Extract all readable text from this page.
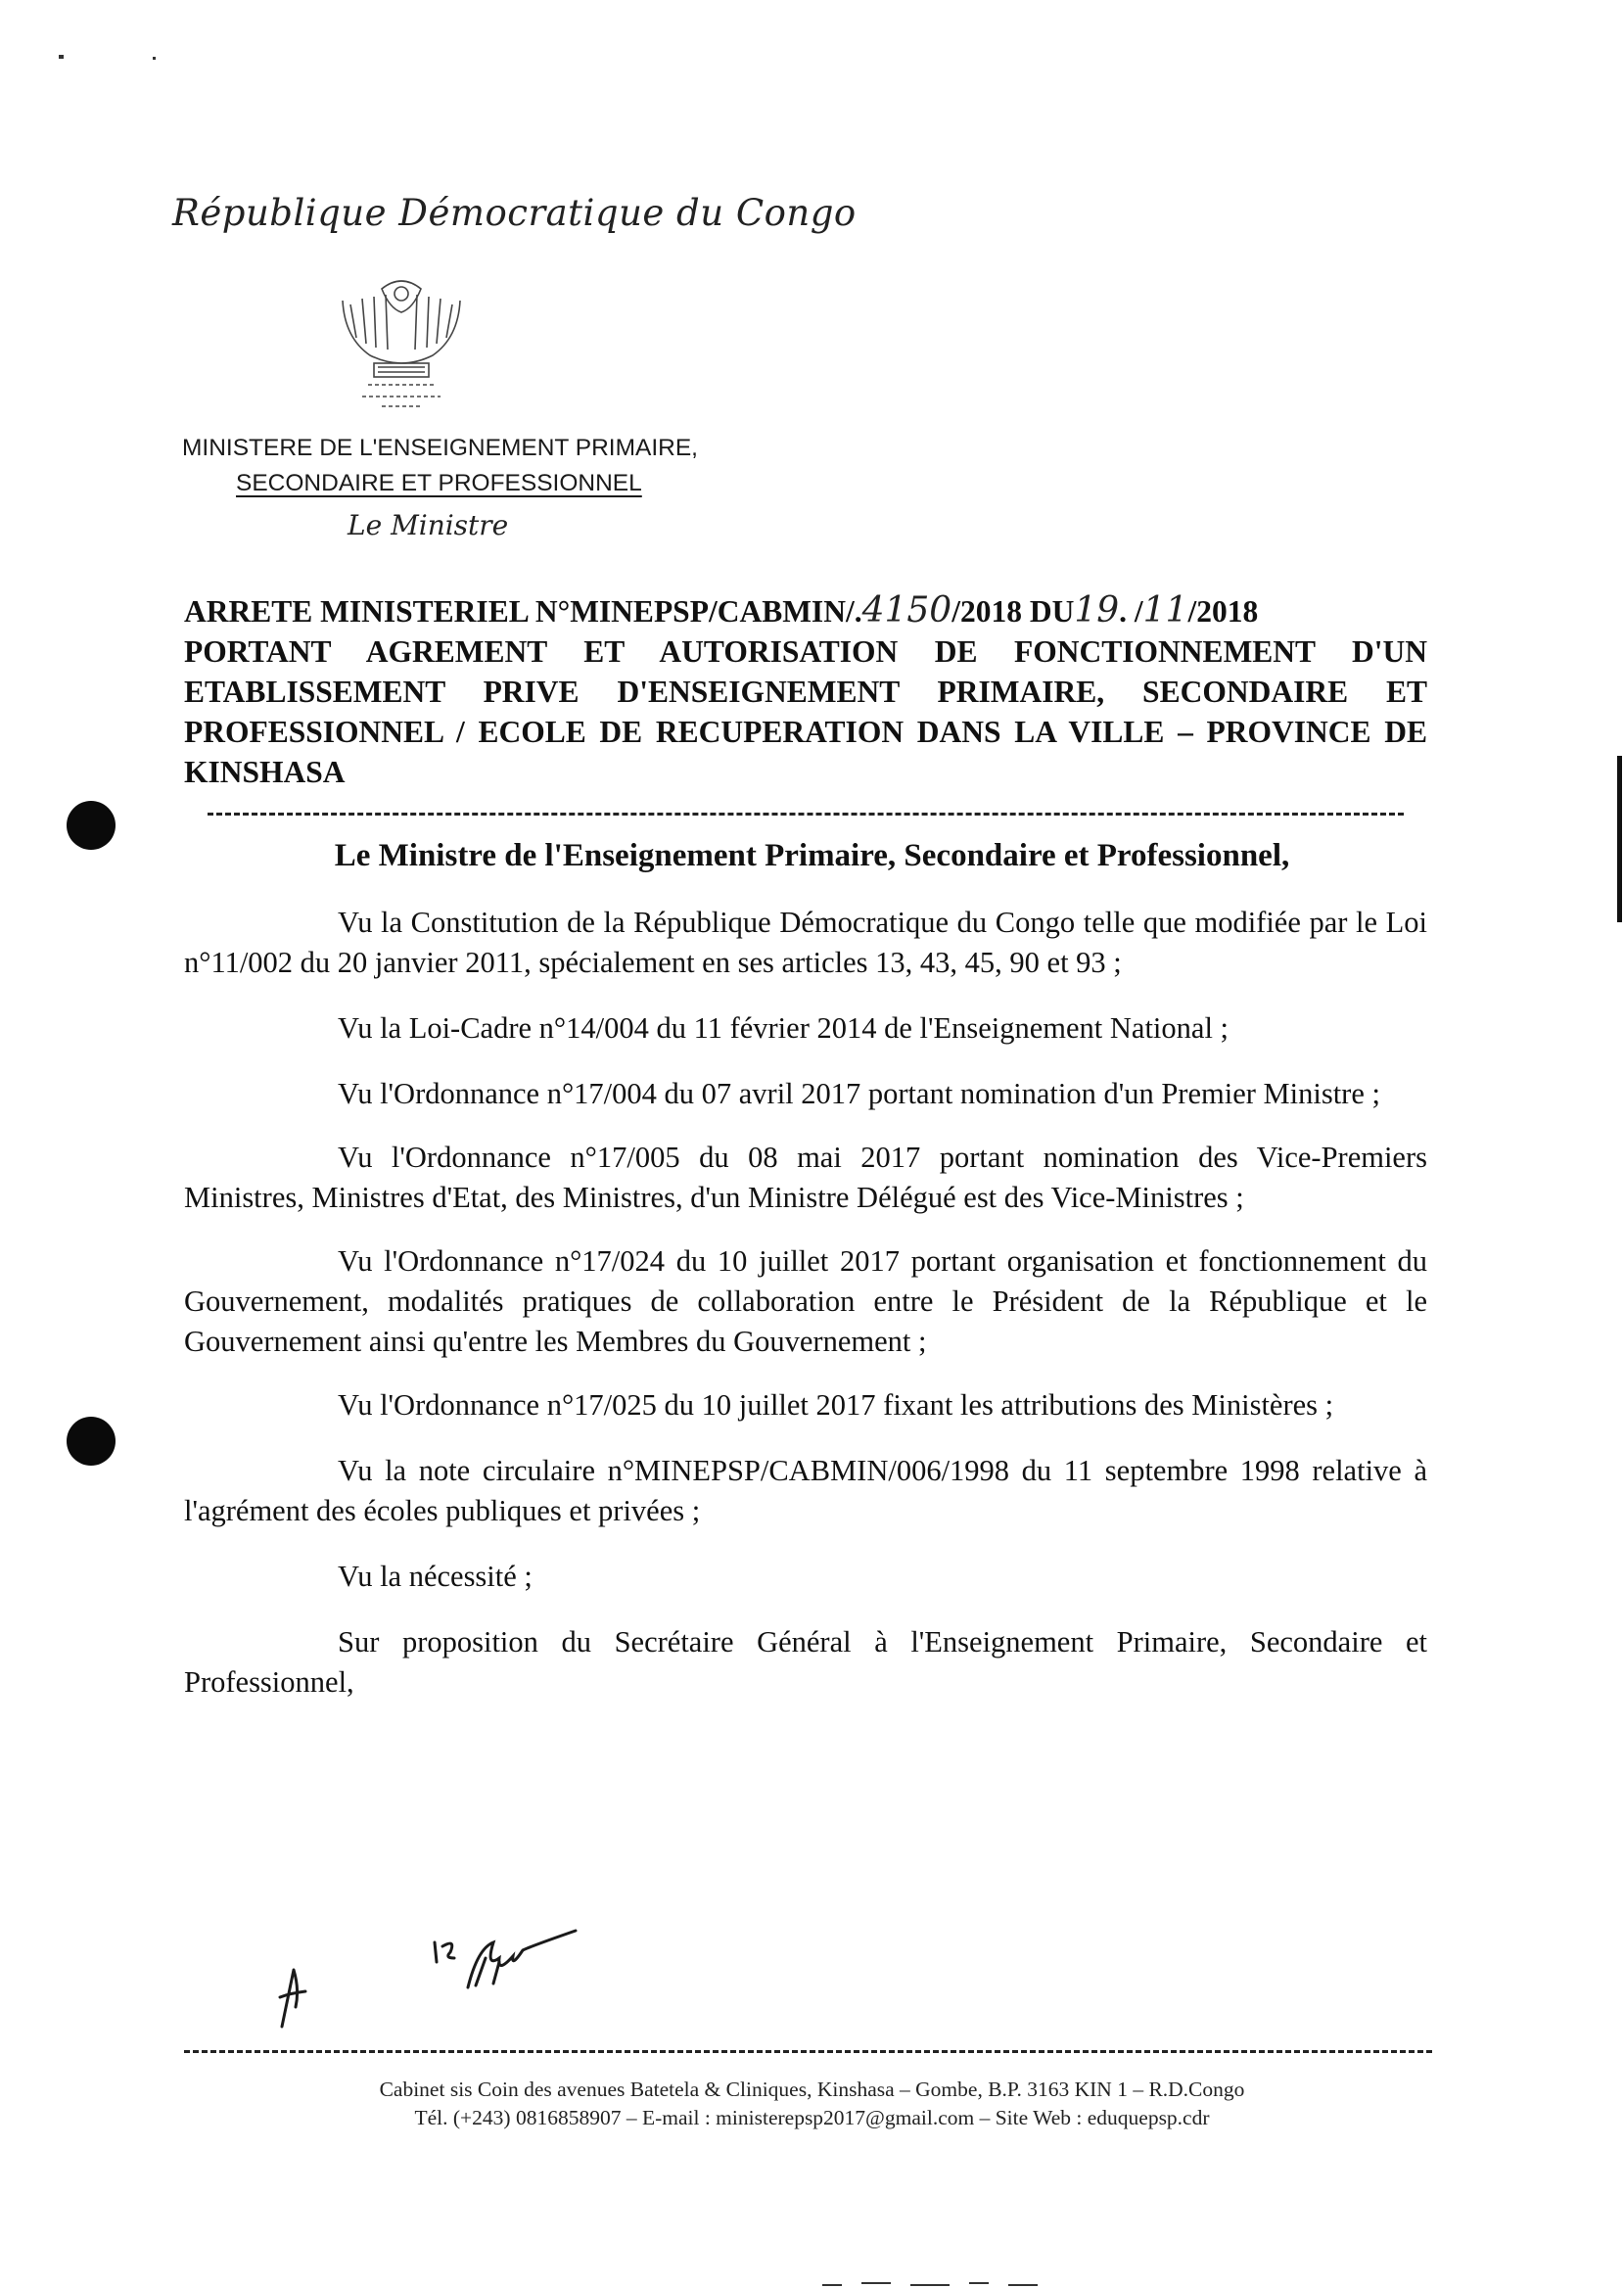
République Démocratique du Congo
MINISTERE DE L'ENSEIGNEMENT PRIMAIRE,
SECONDAIRE ET PROFESSIONNEL
Le Ministre
ARRETE MINISTERIEL N°MINEPSP/CABMIN/.4150/2018 DU19. /11/2018
PORTANT AGREMENT ET AUTORISATION DE FONCTIONNEMENT D'UN ETABLISSEMENT PRIVE D'ENSEIGNEMENT PRIMAIRE, SECONDAIRE ET PROFESSIONNEL / ECOLE DE RECUPERATION DANS LA VILLE – PROVINCE DE KINSHASA
Le Ministre de l'Enseignement Primaire, Secondaire et Professionnel,

Vu la Constitution de la République Démocratique du Congo telle que modifiée par le Loi n°11/002 du 20 janvier 2011, spécialement en ses articles 13, 43, 45, 90 et 93 ;

Vu la Loi-Cadre n°14/004 du 11 février 2014 de l'Enseignement National ;

Vu l'Ordonnance n°17/004 du 07 avril 2017 portant nomination d'un Premier Ministre ;

Vu l'Ordonnance n°17/005 du 08 mai 2017 portant nomination des Vice-Premiers Ministres, Ministres d'Etat, des Ministres, d'un Ministre Délégué est des Vice-Ministres ;

Vu l'Ordonnance n°17/024 du 10 juillet 2017 portant organisation et fonctionnement du Gouvernement, modalités pratiques de collaboration entre le Président de la République et le Gouvernement ainsi qu'entre les Membres du Gouvernement ;

Vu l'Ordonnance n°17/025 du 10 juillet 2017 fixant les attributions des Ministères ;

Vu la note circulaire n°MINEPSP/CABMIN/006/1998 du 11 septembre 1998 relative à l'agrément des écoles publiques et privées ;

Vu la nécessité ;

Sur proposition du Secrétaire Général à l'Enseignement Primaire, Secondaire et Professionnel,

Cabinet sis Coin des avenues Batetela & Cliniques, Kinshasa – Gombe, B.P. 3163 KIN 1 – R.D.Congo
Tél. (+243) 0816858907 – E-mail : ministerepsp2017@gmail.com – Site Web : eduquepsp.cdr
